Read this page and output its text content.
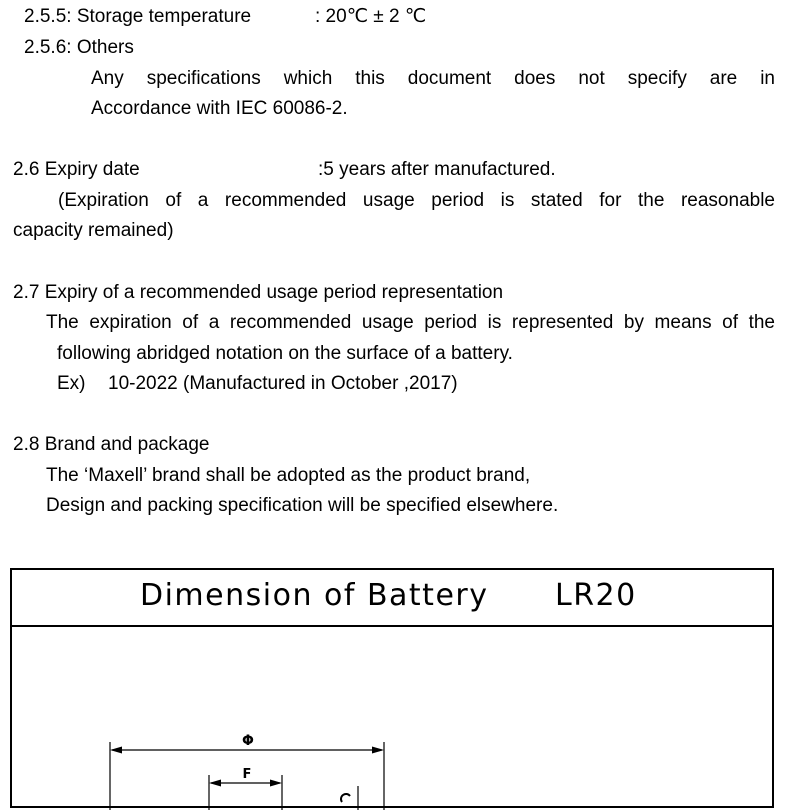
2.5.5: Storage temperature	: 20℃ ± 2 ℃
2.5.6: Others
Any specifications which this document does not specify are in
Accordance with IEC 60086-2.
2.6 Expiry date	:5 years after manufactured.
(Expiration of a recommended usage period is stated for the reasonable
capacity remained)
2.7 Expiry of a recommended usage period representation
The expiration of a recommended usage period is represented by means of the
following abridged notation on the surface of a battery.
Ex) 10-2022 (Manufactured in October ,2017)
2.8 Brand and package
The ‘Maxell’ brand shall be adopted as the product brand,
Design and packing specification will be specified elsewhere.
Dimension of Battery LR20
Φ
F
